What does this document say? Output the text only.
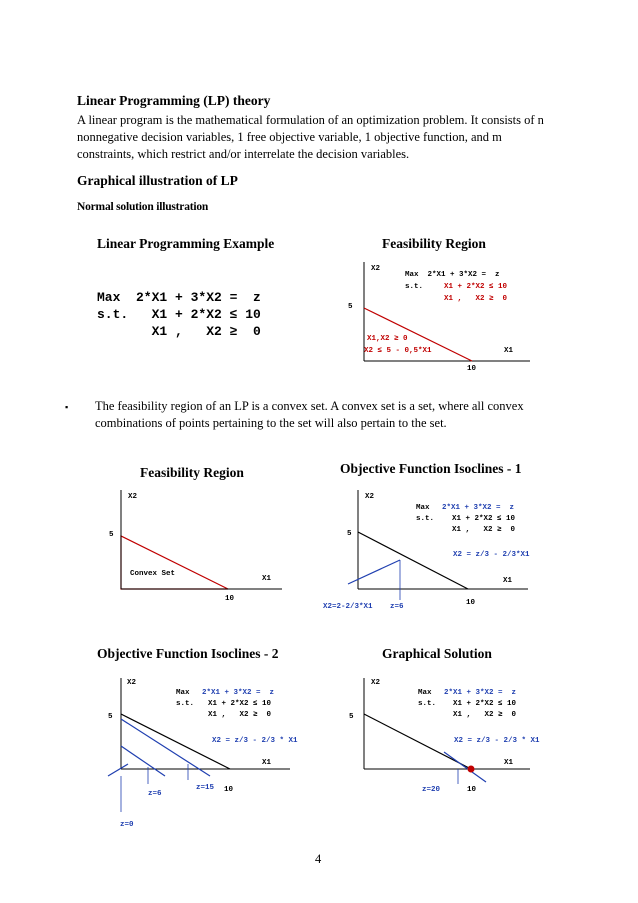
Linear Programming (LP) theory
A linear program is the mathematical formulation of an optimization problem. It consists of n
nonnegative decision variables, 1 free objective variable, 1 objective function, and m
constraints, which restrict and/or interrelate the decision variables.
Graphical illustration of LP
Normal solution illustration
Linear Programming Example
Max  2*X1 + 3*X2 =  z
s.t.   X1 + 2*X2 ≤ 10
X1 ,   X2 ≥  0
Feasibility Region
X2
5
X1
10
Max  2*X1 + 3*X2 =  z
s.t.	X1 + 2*X2 ≤ 10
X1 ,   X2 ≥  0
X1,X2 ≥ 0
X2 ≤ 5 - 0,5*X1
▪ The feasibility region of an LP is a convex set. A convex set is a set, where all convex
combinations of points pertaining to the set will also pertain to the set.
Feasibility Region
X2
5
X1
10
Convex Set
Objective Function Isoclines - 1
X2
5
X1
10
Max 2*X1 + 3*X2 =  z
s.t. X1 + 2*X2 ≤ 10
X1 ,   X2 ≥  0
X2 = z/3 - 2/3*X1
X2=2-2/3*X1 z=6
Objective Function Isoclines - 2
X2
5
X1
10
Max 2*X1 + 3*X2 =  z
s.t. X1 + 2*X2 ≤ 10
X1 ,   X2 ≥  0
X2 = z/3 - 2/3 * X1
z=0
z=6
z=15
Graphical Solution
X2
5
X1
10
Max 2*X1 + 3*X2 =  z
s.t. X1 + 2*X2 ≤ 10
X1 ,   X2 ≥  0
X2 = z/3 - 2/3 * X1
z=20
4
